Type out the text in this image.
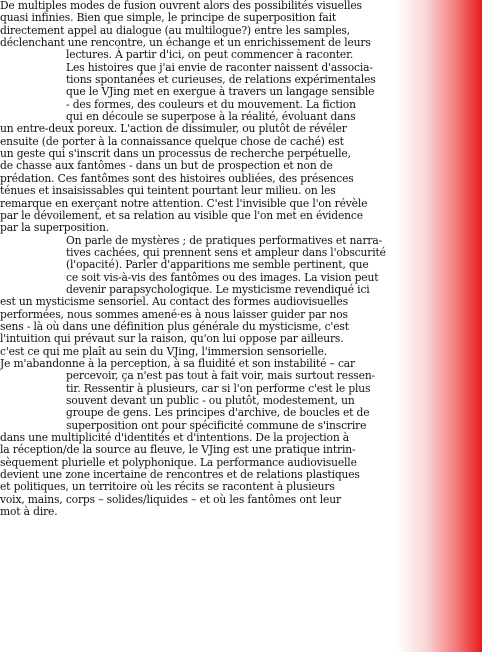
De multiples modes de fusion ouvrent alors des possibilités visuelles
quasi infinies. Bien que simple, le principe de superposition fait
directement appel au dialogue (au multilogue?) entre les samples,
déclenchant une rencontre, un échange et un enrichissement de leurs
lectures. À partir d'ici, on peut commencer à raconter.
Les histoires que j'ai envie de raconter naissent d'associa-
tions spontanées et curieuses, de relations expérimentales
que le VJing met en exergue à travers un langage sensible
- des formes, des couleurs et du mouvement. La fiction
qui en découle se superpose à la réalité, évoluant dans
un entre-deux poreux. L'action de dissimuler, ou plutôt de révéler
ensuite (de porter à la connaissance quelque chose de caché) est
un geste qui s'inscrit dans un processus de recherche perpétuelle,
de chasse aux fantômes - dans un but de prospection et non de
prédation. Ces fantômes sont des histoires oubliées, des présences
ténues et insaisissables qui teintent pourtant leur milieu. on les
remarque en exerçant notre attention. C'est l'invisible que l'on révèle
par le dévoilement, et sa relation au visible que l'on met en évidence
par la superposition.
On parle de mystères ; de pratiques performatives et narra-
tives cachées, qui prennent sens et ampleur dans l'obscurité
(l'opacité). Parler d'apparitions me semble pertinent, que
ce soit vis-à-vis des fantômes ou des images. La vision peut
devenir parapsychologique. Le mysticisme revendiqué ici
est un mysticisme sensoriel. Au contact des formes audiovisuelles
performées, nous sommes amené·es à nous laisser guider par nos
sens - là où dans une définition plus générale du mysticisme, c'est
l'intuition qui prévaut sur la raison, qu'on lui oppose par ailleurs.
c'est ce qui me plaît au sein du VJing, l'immersion sensorielle.
Je m'abandonne à la perception, à sa fluidité et son instabilité – car
percevoir, ça n'est pas tout à fait voir, mais surtout ressen-
tir. Ressentir à plusieurs, car si l'on performe c'est le plus
souvent devant un public - ou plutôt, modestement, un
groupe de gens. Les principes d'archive, de boucles et de
superposition ont pour spécificité commune de s'inscrire
dans une multiplicité d'identités et d'intentions. De la projection à
la réception/de la source au fleuve, le VJing est une pratique intrin-
sèquement plurielle et polyphonique. La performance audiovisuelle
devient une zone incertaine de rencontres et de relations plastiques
et politiques, un territoire où les récits se racontent à plusieurs
voix, mains, corps – solides/liquides – et où les fantômes ont leur
mot à dire.
